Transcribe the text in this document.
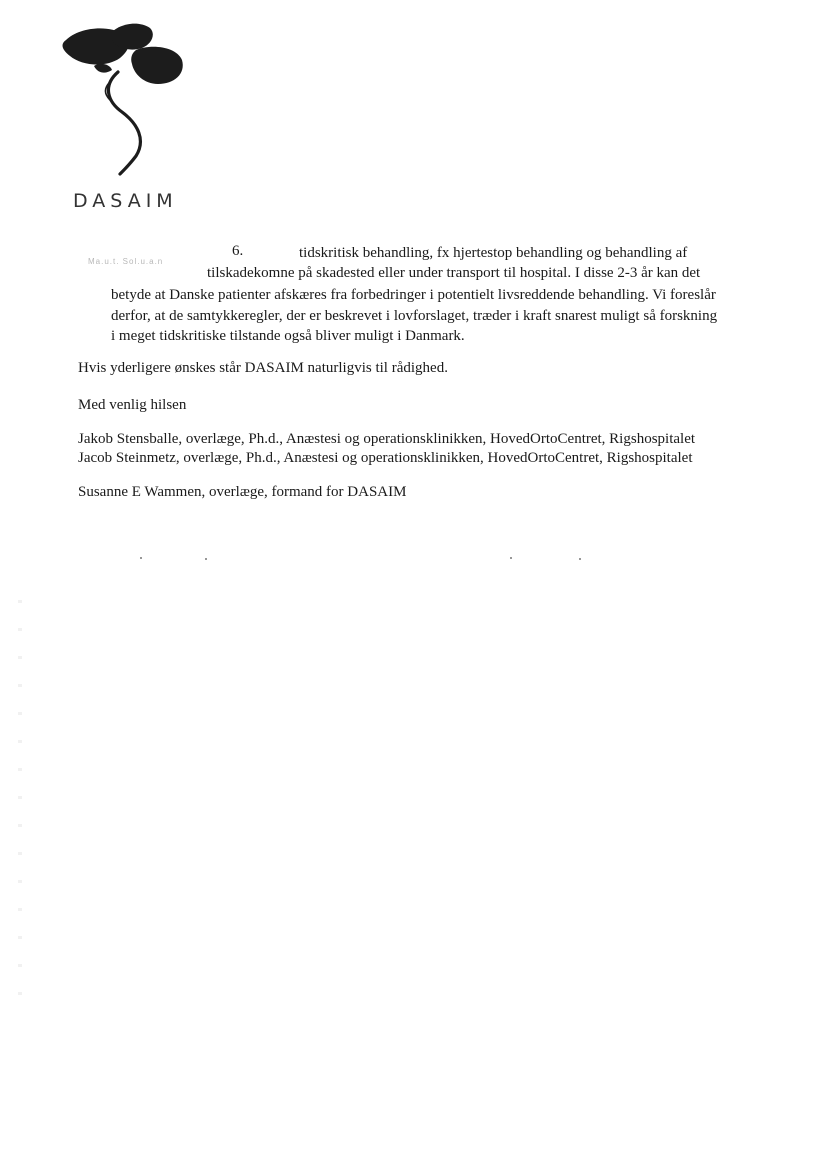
DASAIM
Ma.u.t. Sol.u.a.n
6.	tidskritisk behandling, fx hjertestop behandling og behandling af
tilskadekomne på skadested eller under transport til hospital. I disse 2-3 år kan det
betyde at Danske patienter afskæres fra forbedringer i potentielt livsreddende behandling. Vi foreslår
derfor, at de samtykkeregler, der er beskrevet i lovforslaget, træder i kraft snarest muligt så forskning
i meget tidskritiske tilstande også bliver muligt i Danmark.
Hvis yderligere ønskes står DASAIM naturligvis til rådighed.
Med venlig hilsen
Jakob Stensballe, overlæge, Ph.d., Anæstesi og operationsklinikken, HovedOrtoCentret, Rigshospitalet
Jacob Steinmetz, overlæge, Ph.d., Anæstesi og operationsklinikken, HovedOrtoCentret, Rigshospitalet
Susanne E Wammen, overlæge, formand for DASAIM
